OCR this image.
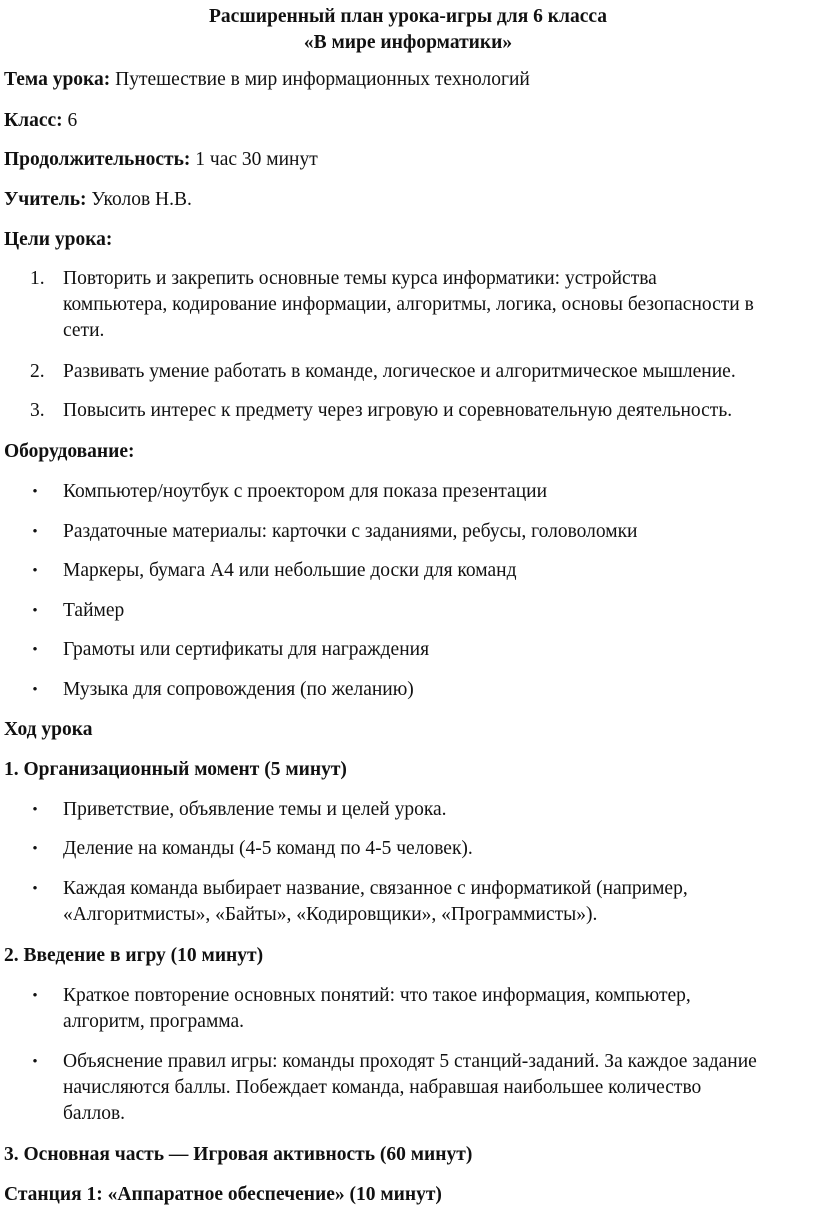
Расширенный план урока-игры для 6 класса
«В мире информатики»
Тема урока: Путешествие в мир информационных технологий
Класс: 6
Продолжительность: 1 час 30 минут
Учитель: Уколов Н.В.
Цели урока:
1. Повторить и закрепить основные темы курса информатики: устройства
компьютера, кодирование информации, алгоритмы, логика, основы безопасности в
сети.
2. Развивать умение работать в команде, логическое и алгоритмическое мышление.
3. Повысить интерес к предмету через игровую и соревновательную деятельность.
Оборудование:
• Компьютер/ноутбук с проектором для показа презентации
• Раздаточные материалы: карточки с заданиями, ребусы, головоломки
• Маркеры, бумага А4 или небольшие доски для команд
• Таймер
• Грамоты или сертификаты для награждения
• Музыка для сопровождения (по желанию)
Ход урока
1. Организационный момент (5 минут)
• Приветствие, объявление темы и целей урока.
• Деление на команды (4-5 команд по 4-5 человек).
• Каждая команда выбирает название, связанное с информатикой (например,
«Алгоритмисты», «Байты», «Кодировщики», «Программисты»).
2. Введение в игру (10 минут)
• Краткое повторение основных понятий: что такое информация, компьютер,
алгоритм, программа.
• Объяснение правил игры: команды проходят 5 станций-заданий. За каждое задание
начисляются баллы. Побеждает команда, набравшая наибольшее количество
баллов.
3. Основная часть — Игровая активность (60 минут)
Станция 1: «Аппаратное обеспечение» (10 минут)
